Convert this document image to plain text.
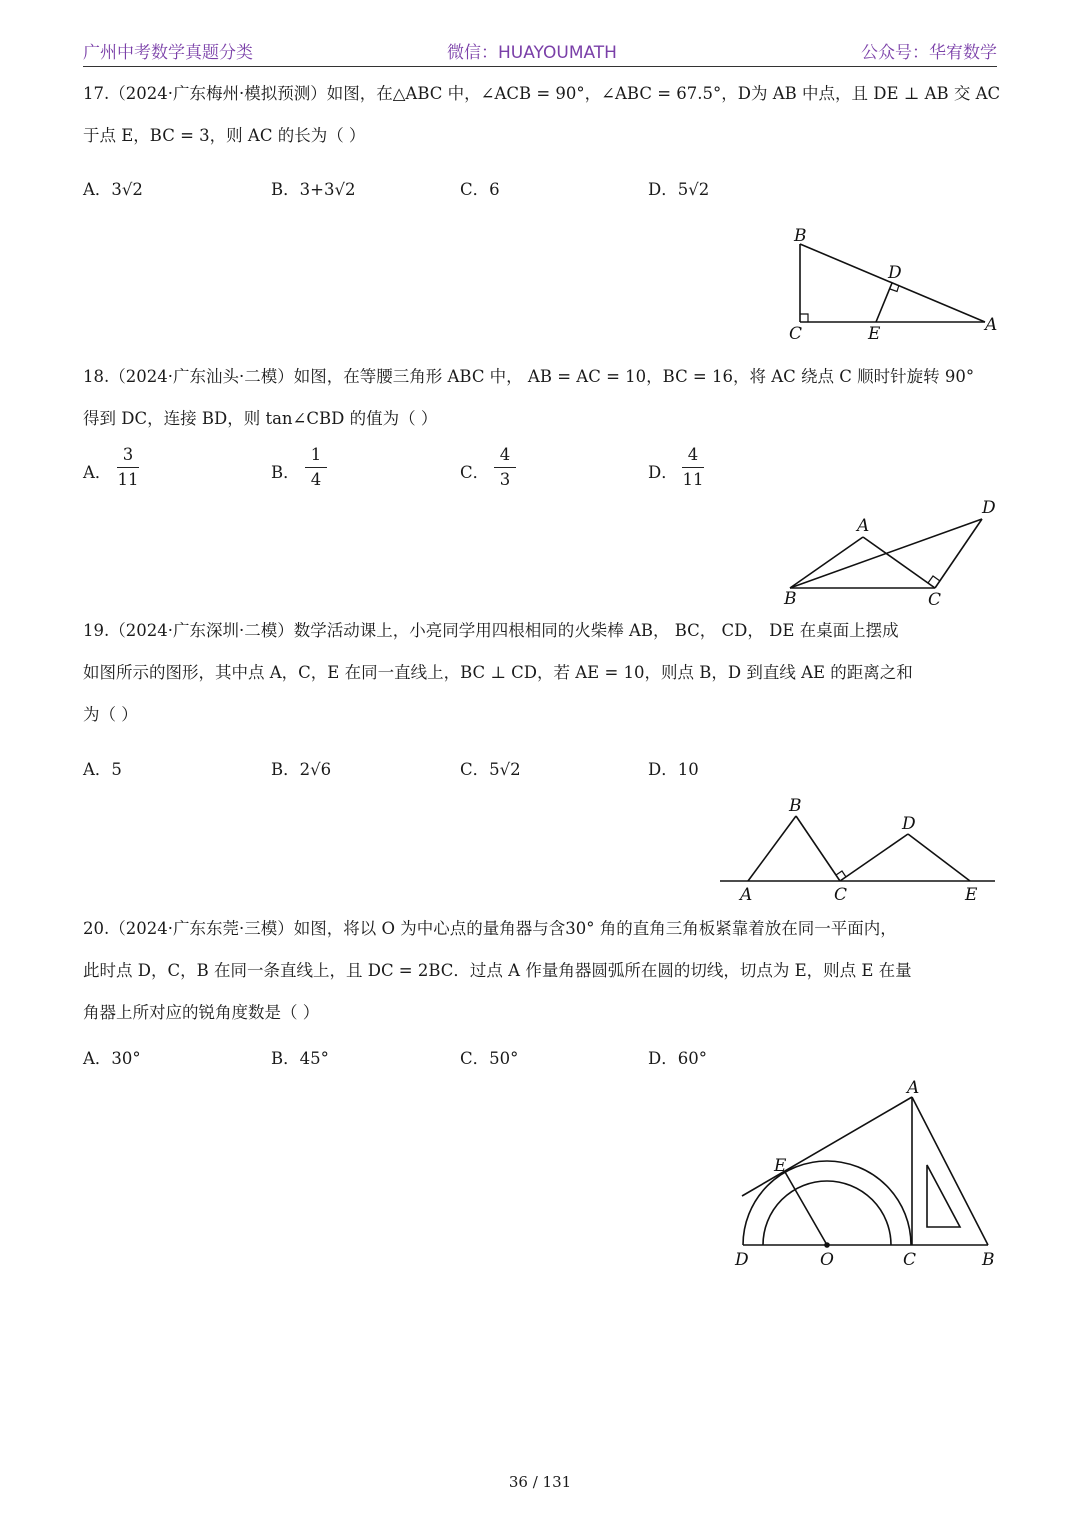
广州中考数学真题分类	微信：HUAYOUMATH	公众号：华宥数学
17.（2024·广东梅州·模拟预测）如图，在△ABC 中，∠ACB = 90°，∠ABC = 67.5°，D为 AB 中点，且 DE ⊥ AB 交 AC
于点 E，BC = 3，则 AC 的长为（ ）
A．3√2	B．3+3√2	C．6	D．5√2
B
D
C	E	A
18.（2024·广东汕头·二模）如图，在等腰三角形 ABC 中， AB = AC = 10，BC = 16，将 AC 绕点 C 顺时针旋转 90°
得到 DC，连接 BD，则 tan∠CBD 的值为（ ）
A．
3
11	B．
1
4	C．
4
3	D．
4
11
A
D
B	C
19.（2024·广东深圳·二模）数学活动课上，小亮同学用四根相同的火柴棒 AB， BC， CD， DE 在桌面上摆成
如图所示的图形，其中点 A，C，E 在同一直线上，BC ⊥ CD，若 AE = 10，则点 B，D 到直线 AE 的距离之和
为（ ）
A．5	B．2√6	C．5√2	D．10
B
D
A	C	E
20.（2024·广东东莞·三模）如图，将以 O 为中心点的量角器与含30° 角的直角三角板紧靠着放在同一平面内，
此时点 D，C，B 在同一条直线上，且 DC = 2BC．过点 A 作量角器圆弧所在圆的切线，切点为 E，则点 E 在量
角器上所对应的锐角度数是（ ）
A．30°	B．45°	C．50°	D．60°
A
E
D	O	C	B
36 / 131
